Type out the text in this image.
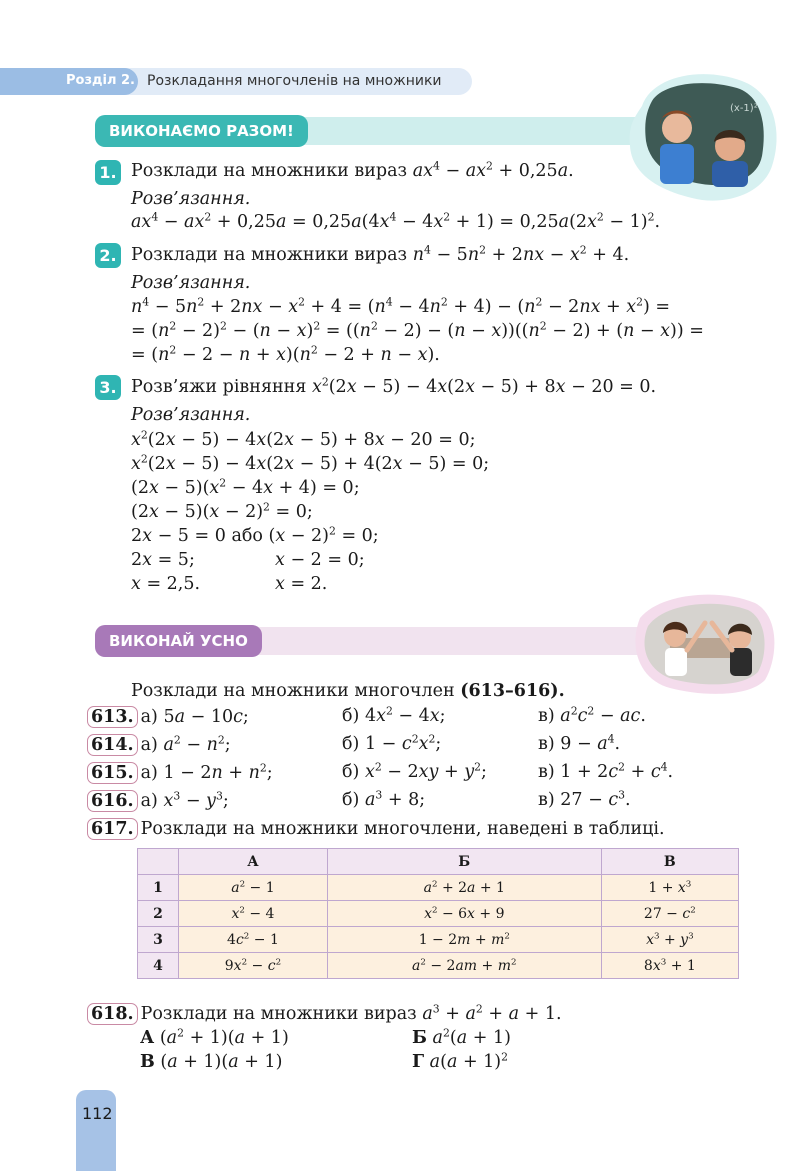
Розділ 2. Розкладання многочленів на множники
ВИКОНАЄМО РАЗОМ!
(x-1)²
1. Розклади на множники вираз $ax^4 - ax^2 + 0,25a$.
Розв’язання.
$ax^4 - ax^2 + 0,25a = 0,25a(4x^4 - 4x^2 + 1) = 0,25a(2x^2 - 1)^2$.
2. Розклади на множники вираз $n^4 - 5n^2 + 2nx - x^2 + 4$.
Розв’язання.
$n^4 - 5n^2 + 2nx - x^2 + 4 = (n^4 - 4n^2 + 4) - (n^2 - 2nx + x^2)$ =
= $(n^2 - 2)^2 - (n - x)^2 = ((n^2 - 2) - (n - x))((n^2 - 2) + (n - x))$ =
= $(n^2 - 2 - n + x)(n^2 - 2 + n - x)$.
3. Розв’яжи рівняння $x^2(2x - 5) - 4x(2x - 5) + 8x - 20 = 0$.
Розв’язання.
$x^2(2x - 5) - 4x(2x - 5) + 8x - 20 = 0$;
$x^2(2x - 5) - 4x(2x - 5) + 4(2x - 5) = 0$;
$(2x - 5)(x^2 - 4x + 4) = 0$;
$(2x - 5)(x - 2)^2 = 0$;
2x − 5 = 0 або $(x - 2)^2 = 0$;
2x = 5;	x − 2 = 0;
x = 2,5.	x = 2.
ВИКОНАЙ УСНО
Розклади на множники многочлен (613–616).
613. а) 5a − 10c;	б) $4x^2 - 4x$;	в) $a^2c^2$ − ac.
614. а) $a^2 - n^2$;	б) $1 - c^2x^2$;	в) $9 - a^4$.
615. а) $1 - 2n + n^2$;	б) $x^2 - 2xy + y^2$;	в) $1 + 2c^2 + c^4$.
616. а) $x^3 - y^3$;	б) $a^3 + 8$;	в) $27 - c^3$.
617. Розклади на множники многочлени, наведені в таблиці.
	А	Б	В
1	$a^2 - 1$	$a^2 + 2a + 1$	$1 + x^3$
2	$x^2 - 4$	$x^2 - 6x + 9$	$27 - c^2$
3	$4c^2 - 1$	$1 - 2m + m^2$	$x^3 + y^3$
4	$9x^2 - c^2$	$a^2 - 2am + m^2$	$8x^3 + 1$
618. Розклади на множники вираз $a^3 + a^2 + a + 1$.
А $(a^2 + 1)(a + 1)$	Б $a^2(a + 1)$
В (a + 1)(a + 1)	Г $a(a + 1)^2$
112
